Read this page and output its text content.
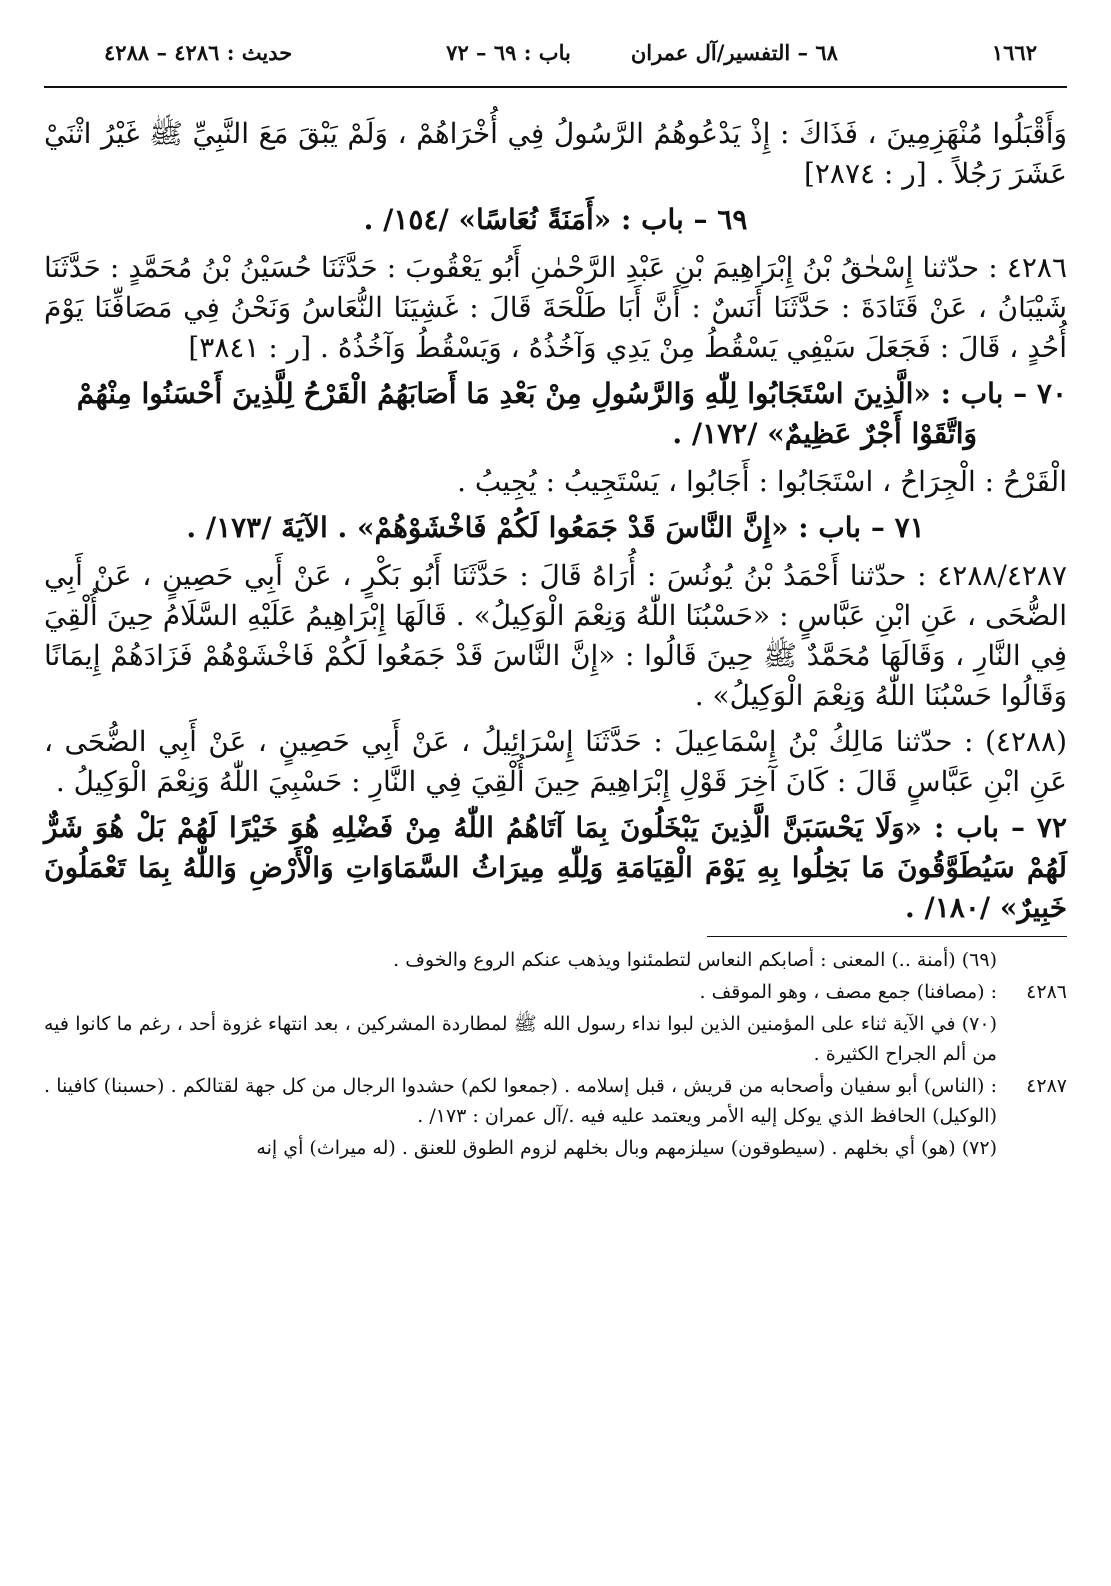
١٦٦٢
٦٨ – التفسير/آل عمران
باب : ٦٩ – ٧٢
حديث : ٤٢٨٦ – ٤٢٨٨

وَأَقْبَلُوا مُنْهَزِمِينَ ، فَذَاكَ : إِذْ يَدْعُوهُمُ الرَّسُولُ فِي أُخْرَاهُمْ ، وَلَمْ يَبْقَ مَعَ النَّبِيِّ ﷺ غَيْرُ اثْنَيْ عَشَرَ رَجُلاً . [ر : ٢٨٧٤]

٦٩ – باب : «أَمَنَةً نُعَاسًا» /١٥٤/ .

٤٢٨٦ : حدّثنا إِسْحٰقُ بْنُ إِبْرَاهِيمَ بْنِ عَبْدِ الرَّحْمٰنِ أَبُو يَعْقُوبَ : حَدَّثَنَا حُسَيْنُ بْنُ مُحَمَّدٍ : حَدَّثَنَا شَيْبَانُ ، عَنْ قَتَادَةَ : حَدَّثَنَا أَنَسٌ : أَنَّ أَبَا طَلْحَةَ قَالَ : غَشِيَنَا النُّعَاسُ وَنَحْنُ فِي مَصَافِّنَا يَوْمَ أُحُدٍ ، قَالَ : فَجَعَلَ سَيْفِي يَسْقُطُ مِنْ يَدِي وَآخُذُهُ ، وَيَسْقُطُ وَآخُذُهُ . [ر : ٣٨٤١]

٧٠ – باب : «الَّذِينَ اسْتَجَابُوا لِلّٰهِ وَالرَّسُولِ مِنْ بَعْدِ مَا أَصَابَهُمُ الْقَرْحُ لِلَّذِينَ أَحْسَنُوا مِنْهُمْ
وَاتَّقَوْا أَجْرٌ عَظِيمٌ» /١٧٢/ .

الْقَرْحُ : الْجِرَاحُ ، اسْتَجَابُوا : أَجَابُوا ، يَسْتَجِيبُ : يُجِيبُ .

٧١ – باب : «إِنَّ النَّاسَ قَدْ جَمَعُوا لَكُمْ فَاخْشَوْهُمْ» . الآيَةَ /١٧٣/ .

٤٢٨٨/٤٢٨٧ : حدّثنا أَحْمَدُ بْنُ يُونُسَ : أُرَاهُ قَالَ : حَدَّثَنَا أَبُو بَكْرٍ ، عَنْ أَبِي حَصِينٍ ، عَنْ أَبِي الضُّحَى ، عَنِ ابْنِ عَبَّاسٍ : «حَسْبُنَا اللّٰهُ وَنِعْمَ الْوَكِيلُ» . قَالَهَا إِبْرَاهِيمُ عَلَيْهِ السَّلَامُ حِينَ أُلْقِيَ فِي النَّارِ ، وَقَالَهَا مُحَمَّدٌ ﷺ حِينَ قَالُوا : «إِنَّ النَّاسَ قَدْ جَمَعُوا لَكُمْ فَاخْشَوْهُمْ فَزَادَهُمْ إِيمَانًا وَقَالُوا حَسْبُنَا اللّٰهُ وَنِعْمَ الْوَكِيلُ» .

(٤٢٨٨) : حدّثنا مَالِكُ بْنُ إِسْمَاعِيلَ : حَدَّثَنَا إِسْرَائِيلُ ، عَنْ أَبِي حَصِينٍ ، عَنْ أَبِي الضُّحَى ، عَنِ ابْنِ عَبَّاسٍ قَالَ : كَانَ آخِرَ قَوْلِ إِبْرَاهِيمَ حِينَ أُلْقِيَ فِي النَّارِ : حَسْبِيَ اللّٰهُ وَنِعْمَ الْوَكِيلُ .

٧٢ – باب : «وَلَا يَحْسَبَنَّ الَّذِينَ يَبْخَلُونَ بِمَا آتَاهُمُ اللّٰهُ مِنْ فَضْلِهِ هُوَ خَيْرًا لَهُمْ بَلْ هُوَ شَرٌّ لَهُمْ سَيُطَوَّقُونَ مَا بَخِلُوا بِهِ يَوْمَ الْقِيَامَةِ وَلِلّٰهِ مِيرَاثُ السَّمَاوَاتِ وَالْأَرْضِ وَاللّٰهُ بِمَا تَعْمَلُونَ خَبِيرٌ» /١٨٠/ .

(٦٩) (أمنة ..) المعنى : أصابكم النعاس لتطمئنوا ويذهب عنكم الروع والخوف .
٤٢٨٦
: (مصافنا) جمع مصف ، وهو الموقف .
(٧٠) في الآية ثناء على المؤمنين الذين لبوا نداء رسول الله ﷺ لمطاردة المشركين ، بعد انتهاء غزوة أحد ، رغم ما كانوا فيه من ألم الجراح الكثيرة .
٤٢٨٧
: (الناس) أبو سفيان وأصحابه من قريش ، قبل إسلامه . (جمعوا لكم) حشدوا الرجال من كل جهة لقتالكم . (حسبنا) كافينا . (الوكيل) الحافظ الذي يوكل إليه الأمر ويعتمد عليه فيه ./آل عمران : ١٧٣/ .
(٧٢) (هو) أي بخلهم . (سيطوقون) سيلزمهم وبال بخلهم لزوم الطوق للعنق . (له ميراث) أي إنه
